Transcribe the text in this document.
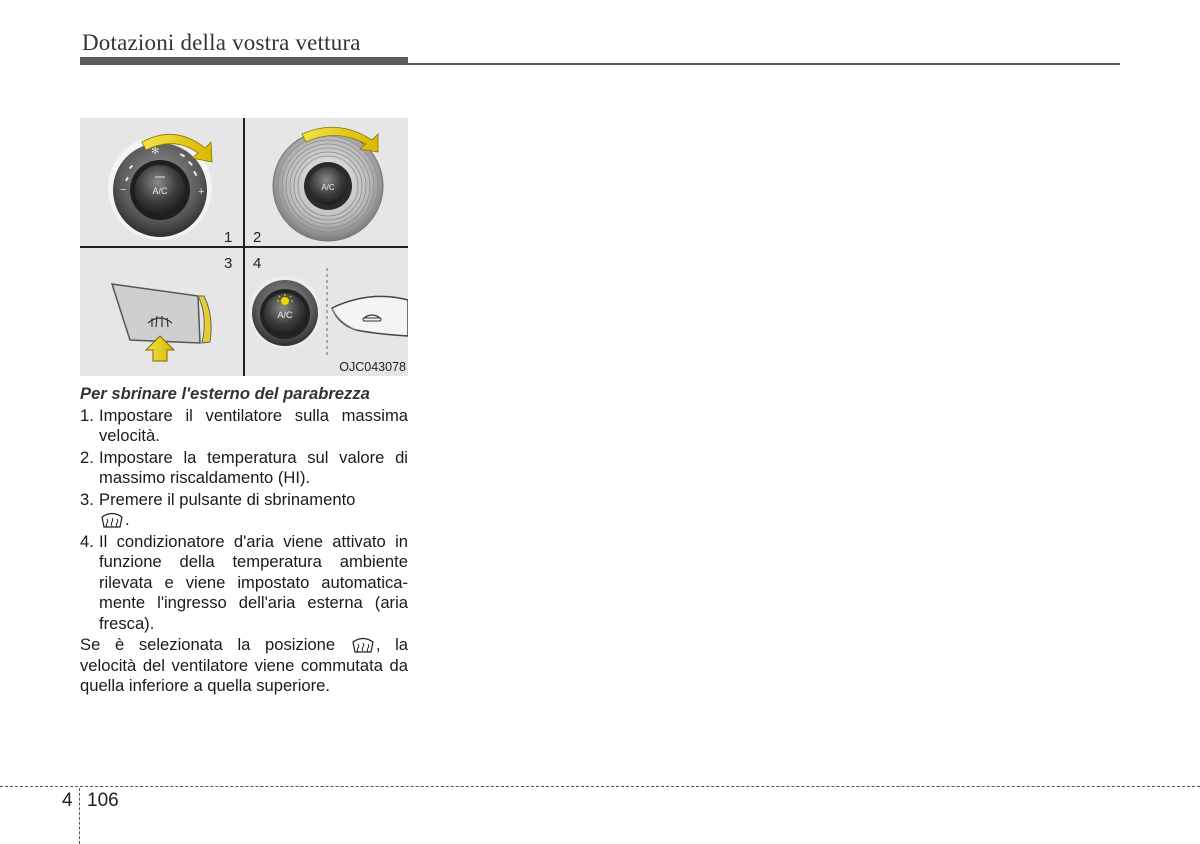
Dotazioni della vostra vettura
A/C
−	+
✻
1
A/C
2
3 4
A/C
OJC043078
Per sbrinare l'esterno del parabrezza
1. Impostare il ventilatore sulla massima velocità.
2. Impostare la temperatura sul valore di massimo riscaldamento (HI).
3. Premere il pulsante di sbrinamento
.
4. Il condizionatore d'aria viene attivato in funzione della temperatura ambiente rilevata e viene impostato automatica-mente l'ingresso dell'aria esterna (aria fresca).
Se è selezionata la posizione , la velocità del ventilatore viene commutata da quella inferiore a quella superiore.
4 106
